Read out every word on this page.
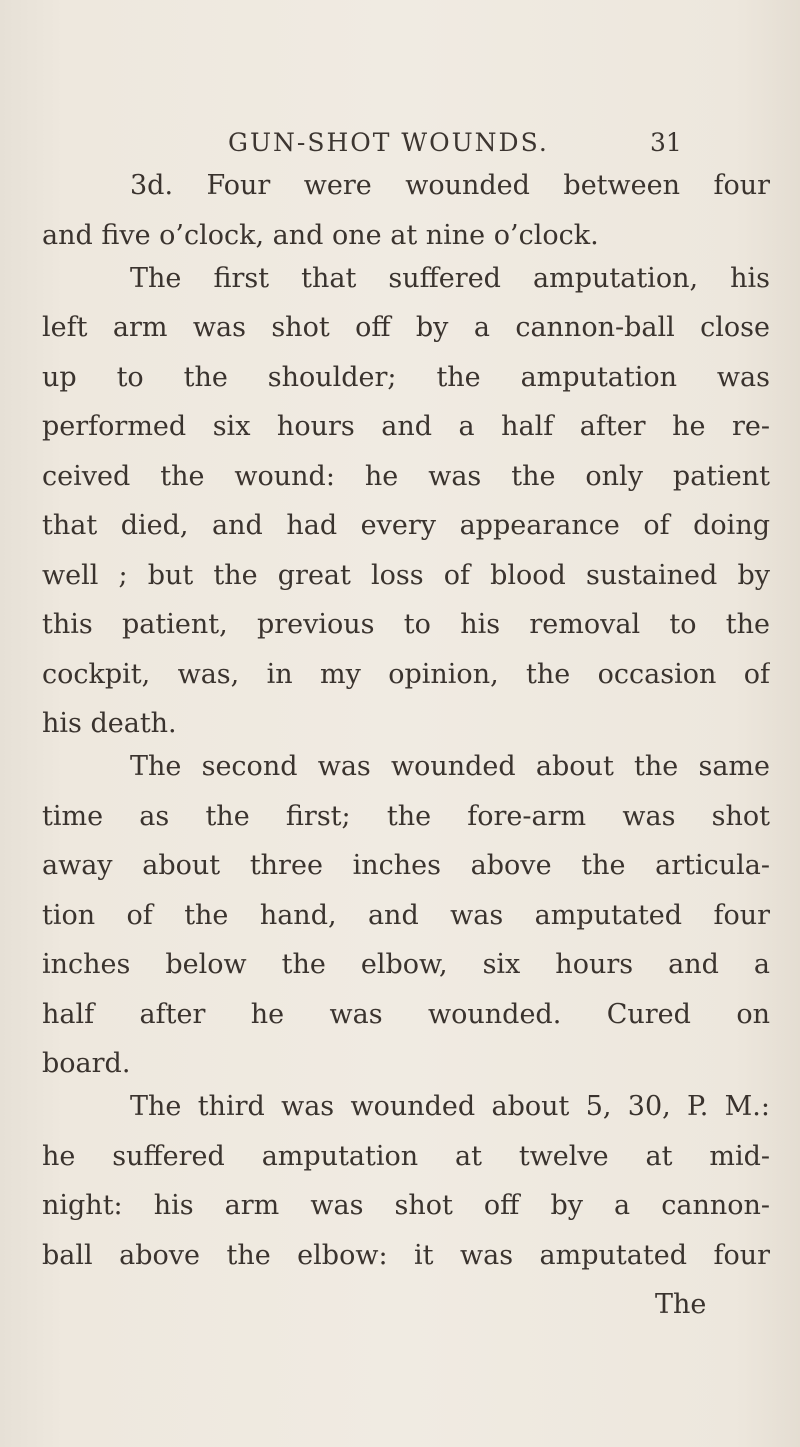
GUN-SHOT WOUNDS.	31
3d. Four were wounded between four
and five o’clock, and one at nine o’clock.
The first that suffered amputation, his
left arm was shot off by a cannon-ball close
up to the shoulder; the amputation was
performed six hours and a half after he re-
ceived the wound: he was the only patient
that died, and had every appearance of doing
well ; but the great loss of blood sustained by
this patient, previous to his removal to the
cockpit, was, in my opinion, the occasion of
his death.
The second was wounded about the same
time as the first; the fore-arm was shot
away about three inches above the articula-
tion of the hand, and was amputated four
inches below the elbow, six hours and a
half after he was wounded. Cured on
board.
The third was wounded about 5, 30, P. M.:
he suffered amputation at twelve at mid-
night: his arm was shot off by a cannon-
ball above the elbow: it was amputated four
The
